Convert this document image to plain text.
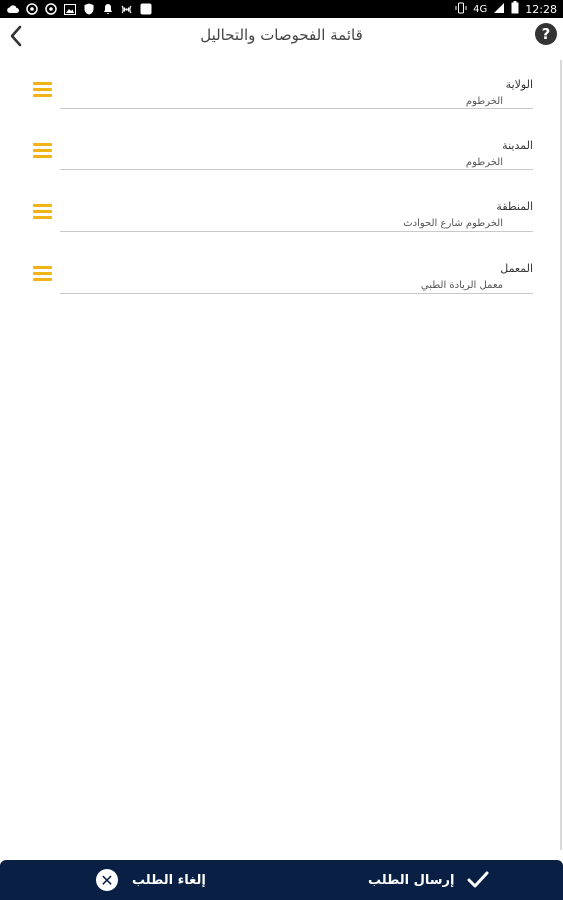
4G	12:28
قائمة الفحوصات والتحاليل	?
الولاية
الخرطوم
المدينة
الخرطوم
المنطقة
الخرطوم شارع الحوادث
المعمل
معمل الريادة الطبي
✕	إلغاء الطلب	إرسال الطلب
